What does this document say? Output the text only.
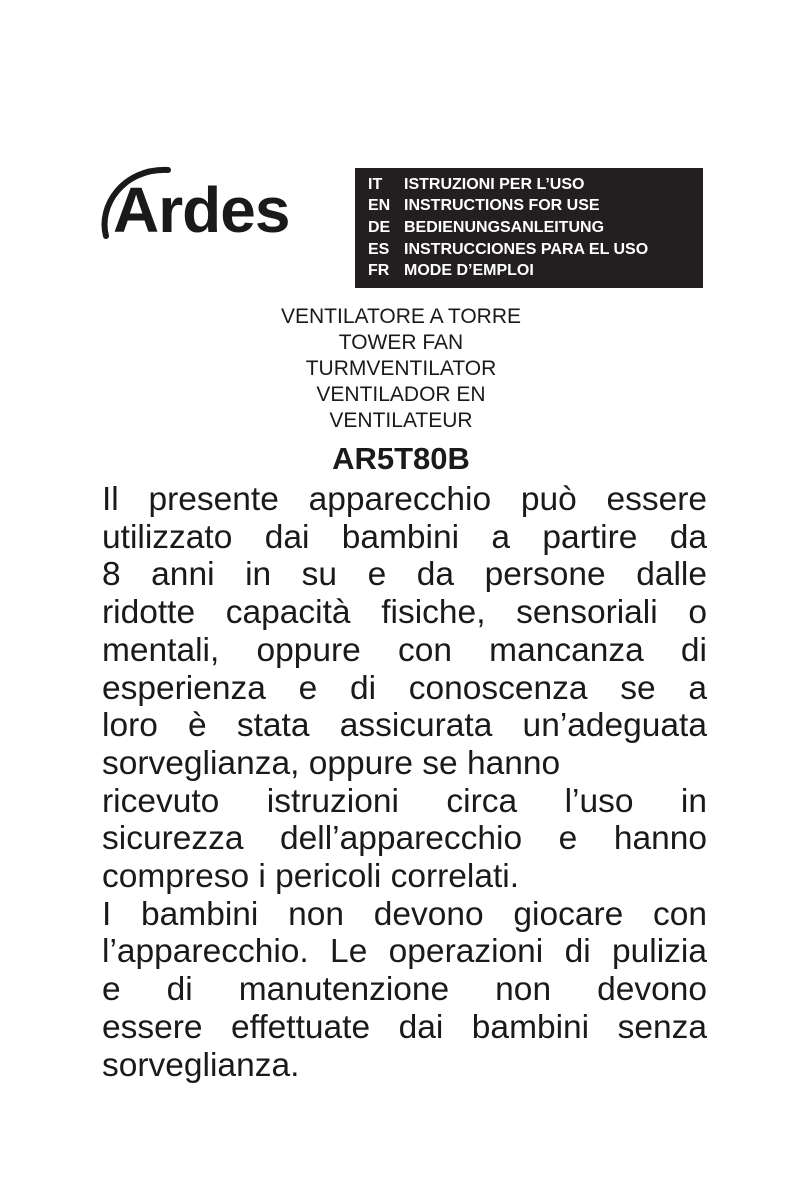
Ardes	IT	ISTRUZIONI PER L’USO
EN INSTRUCTIONS FOR USE
DE BEDIENUNGSANLEITUNG
ES INSTRUCCIONES PARA EL USO
FR MODE D’EMPLOI
VENTILATORE A TORRE
TOWER FAN
TURMVENTILATOR
VENTILADOR EN
VENTILATEUR
AR5T80B
Il presente apparecchio può essere
utilizzato dai bambini a partire da
8 anni in su e da persone dalle
ridotte capacità fisiche, sensoriali o
mentali, oppure con mancanza di
esperienza e di conoscenza se a
loro è stata assicurata un’adeguata
sorveglianza, oppure se hanno
ricevuto istruzioni circa l’uso in
sicurezza dell’apparecchio e hanno
compreso i pericoli correlati.
I bambini non devono giocare con
l’apparecchio. Le operazioni di pulizia
e di manutenzione non devono
essere effettuate dai bambini senza
sorveglianza.
